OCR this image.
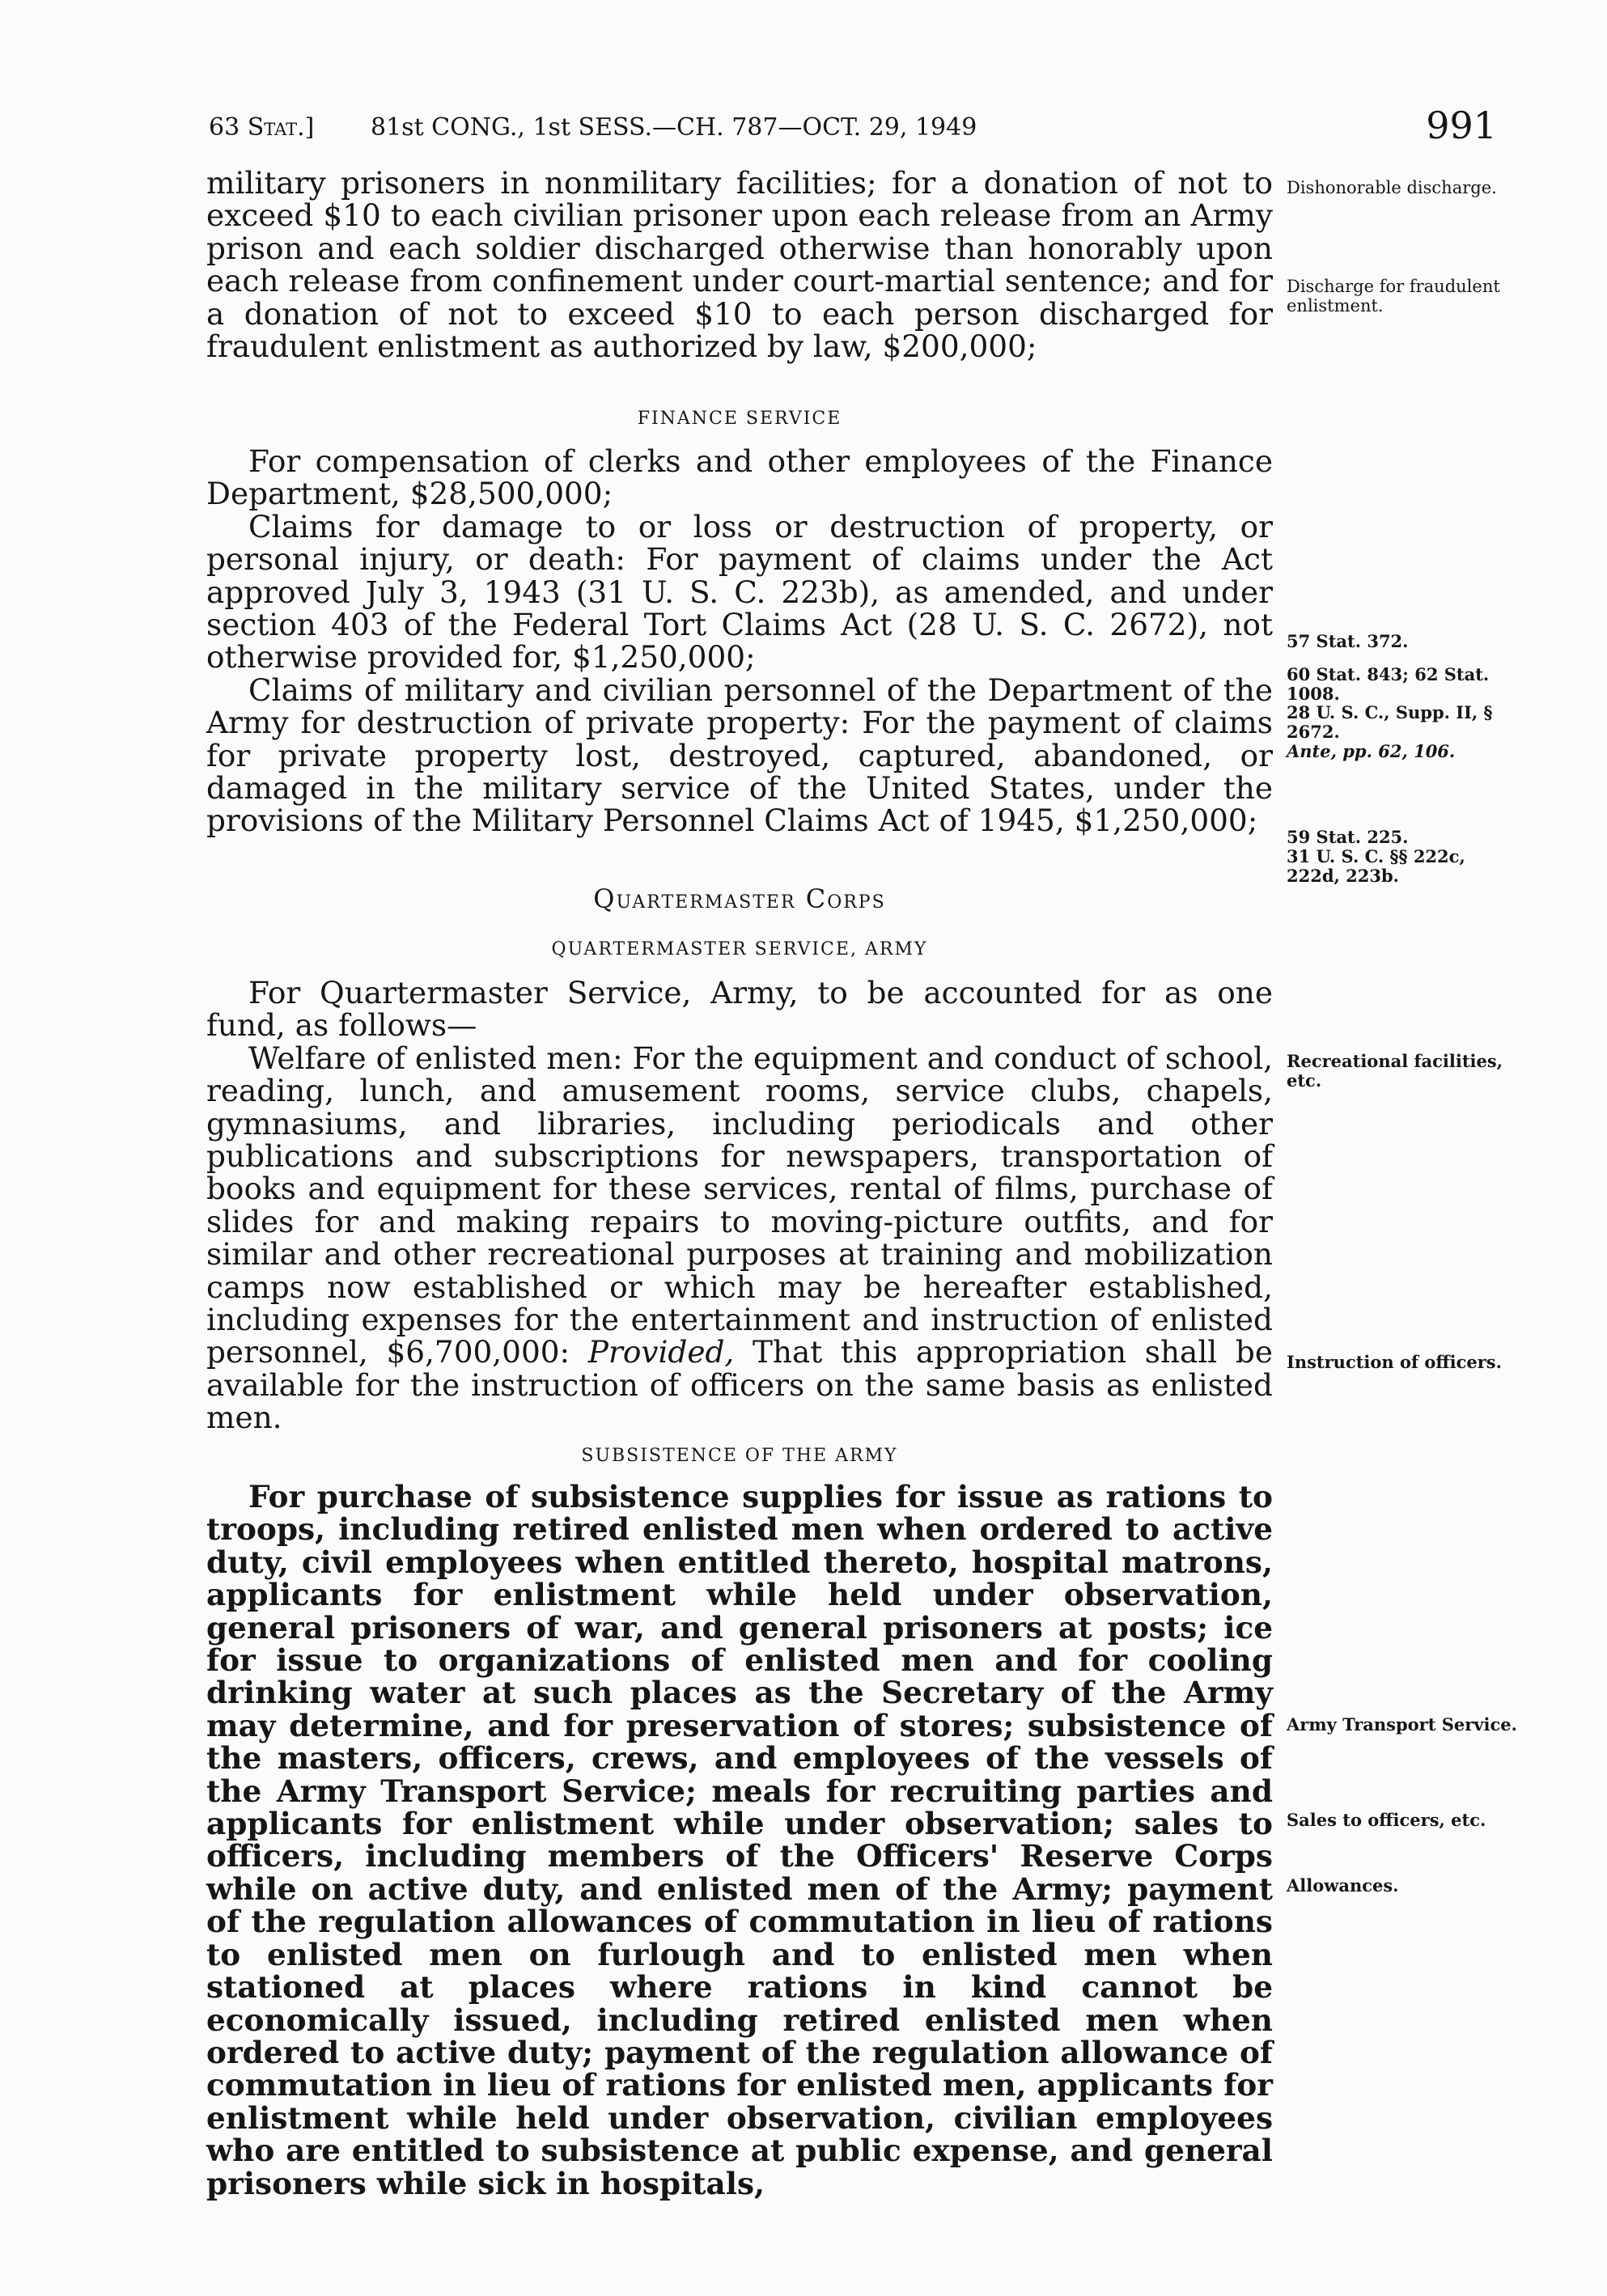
63 Stat.] 81st CONG., 1st SESS.—CH. 787—OCT. 29, 1949	991

military prisoners in nonmilitary facilities; for a donation of not to exceed $10 to each civilian prisoner upon each release from an Army prison and each soldier discharged otherwise than honorably upon each release from confinement under court-martial sentence; and for a donation of not to exceed $10 to each person discharged for fraudulent enlistment as authorized by law, $200,000;

FINANCE SERVICE

For compensation of clerks and other employees of the Finance Department, $28,500,000;

Claims for damage to or loss or destruction of property, or personal injury, or death: For payment of claims under the Act approved July 3, 1943 (31 U. S. C. 223b), as amended, and under section 403 of the Federal Tort Claims Act (28 U. S. C. 2672), not otherwise provided for, $1,250,000;

Claims of military and civilian personnel of the Department of the Army for destruction of private property: For the payment of claims for private property lost, destroyed, captured, abandoned, or damaged in the military service of the United States, under the provisions of the Military Personnel Claims Act of 1945, $1,250,000;

Quartermaster Corps

QUARTERMASTER SERVICE, ARMY

For Quartermaster Service, Army, to be accounted for as one fund, as follows—

Welfare of enlisted men: For the equipment and conduct of school, reading, lunch, and amusement rooms, service clubs, chapels, gymnasiums, and libraries, including periodicals and other publications and subscriptions for newspapers, transportation of books and equipment for these services, rental of films, purchase of slides for and making repairs to moving-picture outfits, and for similar and other recreational purposes at training and mobilization camps now established or which may be hereafter established, including expenses for the entertainment and instruction of enlisted personnel, $6,700,000: Provided, That this appropriation shall be available for the instruction of officers on the same basis as enlisted men.

SUBSISTENCE OF THE ARMY

For purchase of subsistence supplies for issue as rations to troops, including retired enlisted men when ordered to active duty, civil employees when entitled thereto, hospital matrons, applicants for enlistment while held under observation, general prisoners of war, and general prisoners at posts; ice for issue to organizations of enlisted men and for cooling drinking water at such places as the Secretary of the Army may determine, and for preservation of stores; subsistence of the masters, officers, crews, and employees of the vessels of the Army Transport Service; meals for recruiting parties and applicants for enlistment while under observation; sales to officers, including members of the Officers' Reserve Corps while on active duty, and enlisted men of the Army; payment of the regulation allowances of commutation in lieu of rations to enlisted men on furlough and to enlisted men when stationed at places where rations in kind cannot be economically issued, including retired enlisted men when ordered to active duty; payment of the regulation allowance of commutation in lieu of rations for enlisted men, applicants for enlistment while held under observation, civilian employees who are entitled to subsistence at public expense, and general prisoners while sick in hospitals,

Dishonorable discharge.

Discharge for fraudulent enlistment.

57 Stat. 372.

60 Stat. 843; 62 Stat. 1008.

28 U. S. C., Supp. II, § 2672.

Ante, pp. 62, 106.

59 Stat. 225.

31 U. S. C. §§ 222c, 222d, 223b.

Recreational facilities, etc.

Instruction of officers.

Army Transport Service.

Sales to officers, etc.

Allowances.
